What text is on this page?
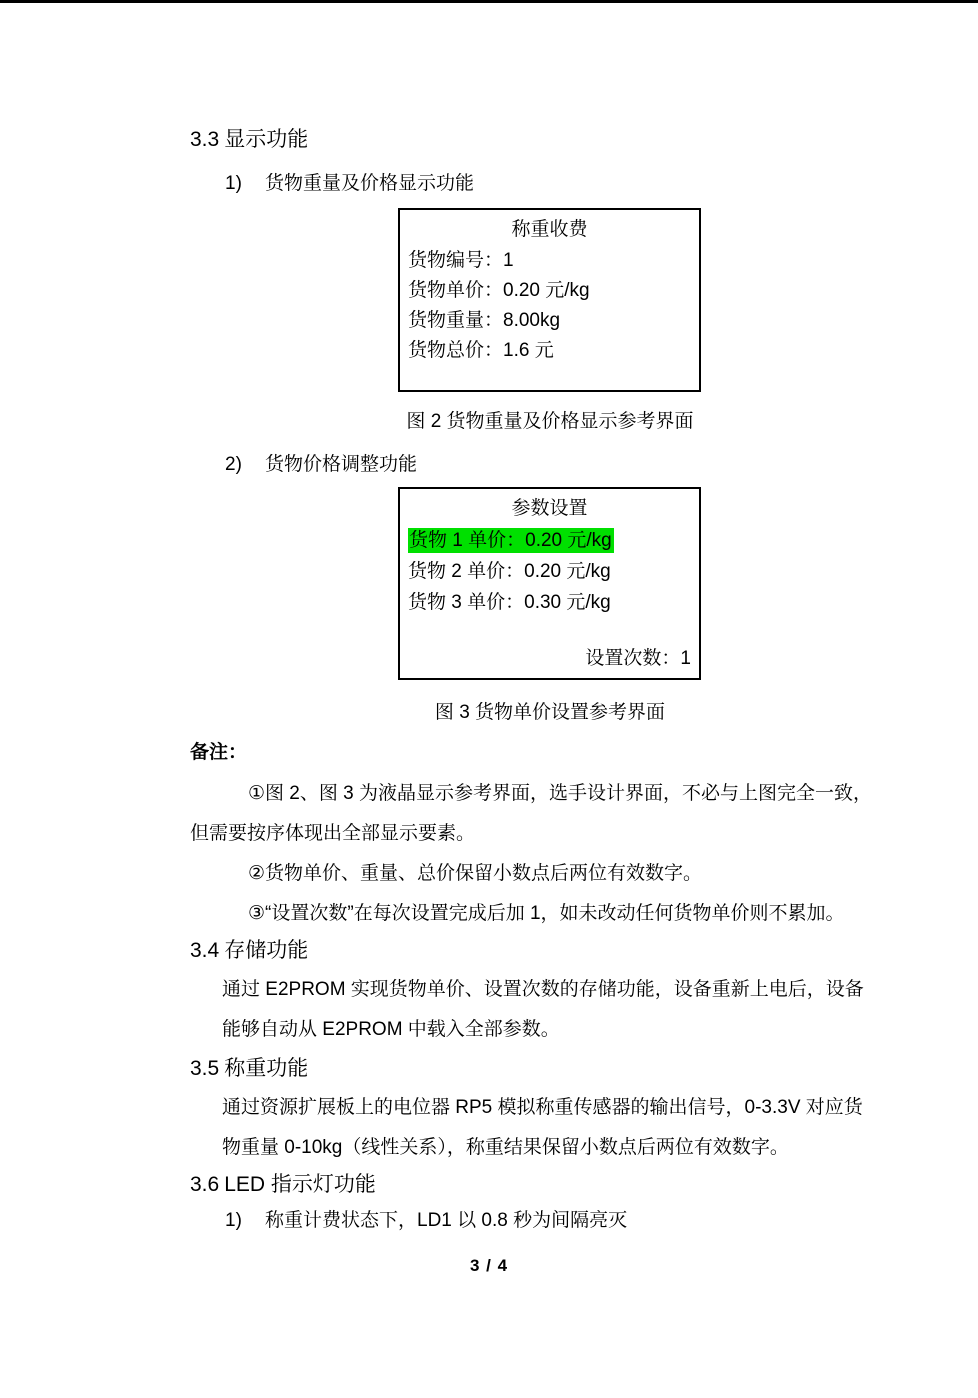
3.3 显示功能
1) 货物重量及价格显示功能
称重收费
货物编号：1
货物单价：0.20 元/kg
货物重量：8.00kg
货物总价：1.6 元
图 2 货物重量及价格显示参考界面
2) 货物价格调整功能
参数设置
货物 1 单价：0.20 元/kg
货物 2 单价：0.20 元/kg
货物 3 单价：0.30 元/kg
设置次数：1
图 3 货物单价设置参考界面
备注：
①图 2、图 3 为液晶显示参考界面，选手设计界面，不必与上图完全一致，
但需要按序体现出全部显示要素。
②货物单价、重量、总价保留小数点后两位有效数字。
③“设置次数”在每次设置完成后加 1，如未改动任何货物单价则不累加。
3.4 存储功能
通过 E2PROM 实现货物单价、设置次数的存储功能，设备重新上电后，设备
能够自动从 E2PROM 中载入全部参数。
3.5 称重功能
通过资源扩展板上的电位器 RP5 模拟称重传感器的输出信号，0-3.3V 对应货
物重量 0-10kg（线性关系），称重结果保留小数点后两位有效数字。
3.6 LED 指示灯功能
1) 称重计费状态下，LD1 以 0.8 秒为间隔亮灭
3 / 4
